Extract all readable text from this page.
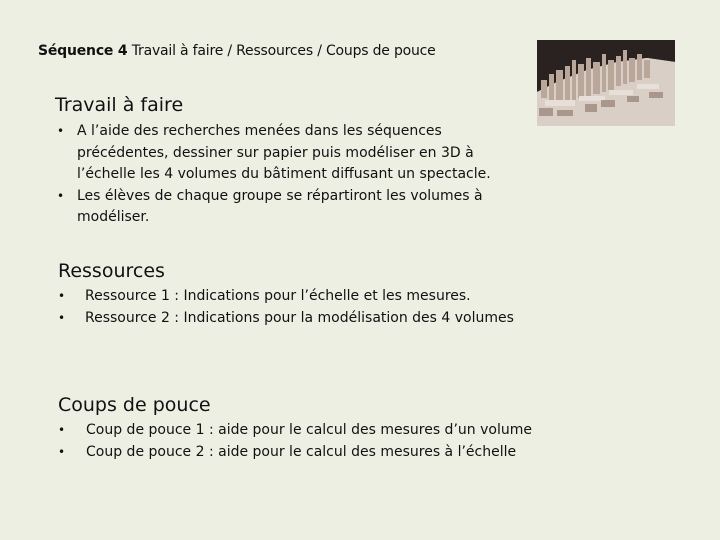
Séquence 4 Travail à faire / Ressources / Coups de pouce
Travail à faire
• A l’aide des recherches menées dans les séquences précédentes, dessiner sur papier puis modéliser en 3D à l’échelle les 4 volumes du bâtiment diffusant un spectacle.
• Les élèves de chaque groupe se répartiront les volumes à modéliser.
Ressources
• Ressource 1 : Indications pour l’échelle et les mesures.
• Ressource 2 : Indications pour la modélisation des 4 volumes
Coups de pouce
• Coup de pouce 1 : aide pour le calcul des mesures d’un volume
• Coup de pouce 2 : aide pour le calcul des mesures à l’échelle
